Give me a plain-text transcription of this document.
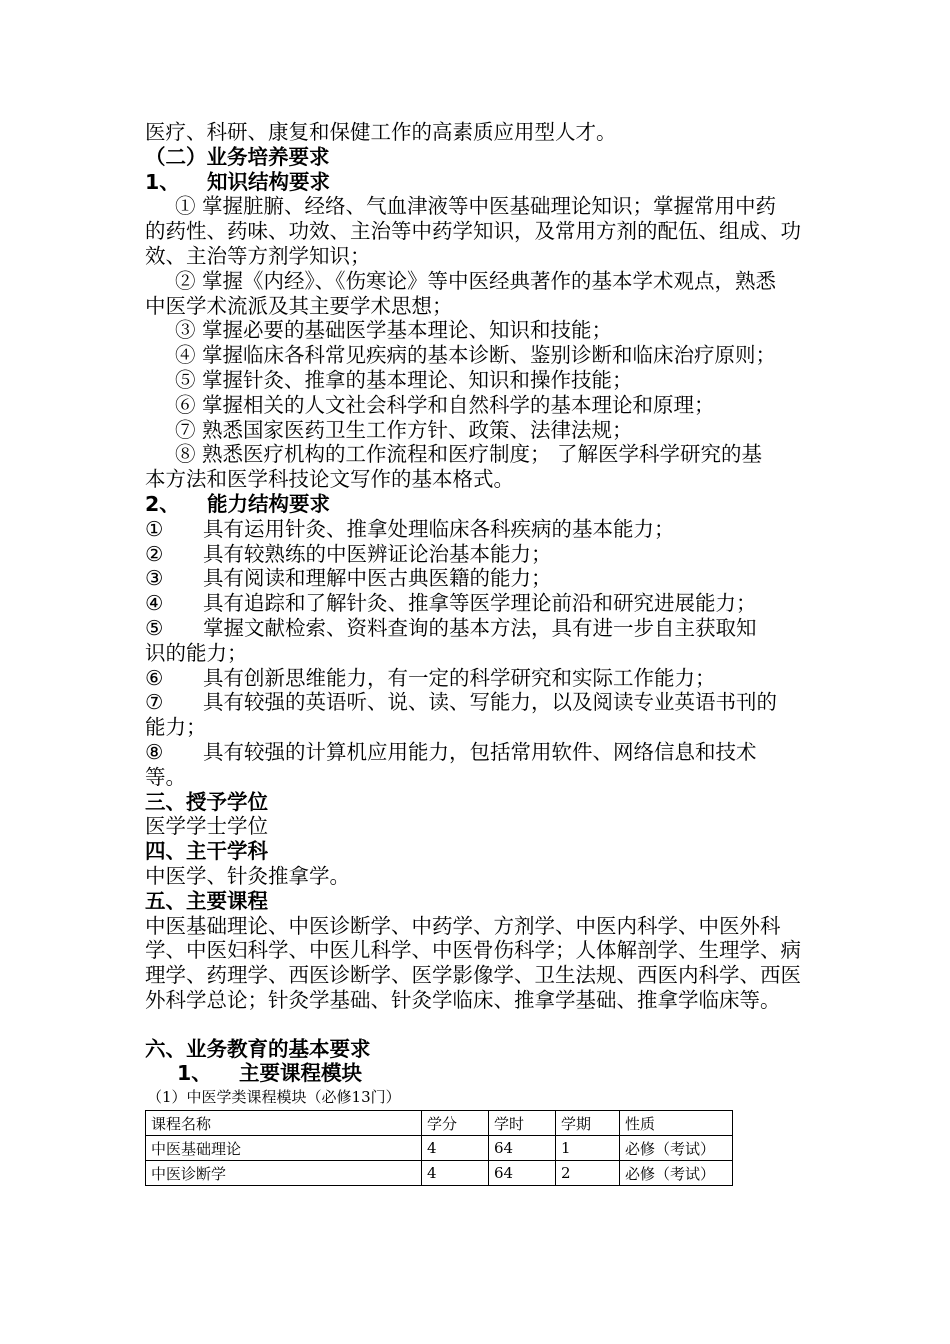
医疗、科研、康复和保健工作的高素质应用型人才。
（二）业务培养要求
1、 知识结构要求
① 掌握脏腑、经络、气血津液等中医基础理论知识；掌握常用中药
的药性、药味、功效、主治等中药学知识，及常用方剂的配伍、组成、功
效、主治等方剂学知识；
② 掌握《内经》、《伤寒论》等中医经典著作的基本学术观点，熟悉
中医学术流派及其主要学术思想；
③ 掌握必要的基础医学基本理论、知识和技能；
④ 掌握临床各科常见疾病的基本诊断、鉴别诊断和临床治疗原则；
⑤ 掌握针灸、推拿的基本理论、知识和操作技能；
⑥ 掌握相关的人文社会科学和自然科学的基本理论和原理；
⑦ 熟悉国家医药卫生工作方针、政策、法律法规；
⑧ 熟悉医疗机构的工作流程和医疗制度； 了解医学科学研究的基
本方法和医学科技论文写作的基本格式。
2、 能力结构要求
① 具有运用针灸、推拿处理临床各科疾病的基本能力；
② 具有较熟练的中医辨证论治基本能力；
③ 具有阅读和理解中医古典医籍的能力；
④ 具有追踪和了解针灸、推拿等医学理论前沿和研究进展能力；
⑤ 掌握文献检索、资料查询的基本方法，具有进一步自主获取知
识的能力；
⑥ 具有创新思维能力，有一定的科学研究和实际工作能力；
⑦ 具有较强的英语听、说、读、写能力，以及阅读专业英语书刊的
能力；
⑧ 具有较强的计算机应用能力，包括常用软件、网络信息和技术
等。
三、授予学位
医学学士学位
四、主干学科
中医学、针灸推拿学。
五、主要课程
中医基础理论、中医诊断学、中药学、方剂学、中医内科学、中医外科
学、中医妇科学、中医儿科学、中医骨伤科学；人体解剖学、生理学、病
理学、药理学、西医诊断学、医学影像学、卫生法规、西医内科学、西医
外科学总论；针灸学基础、针灸学临床、推拿学基础、推拿学临床等。
六、业务教育的基本要求
1、 主要课程模块
（1）中医学类课程模块（必修13门）
课程名称	学分	学时	学期	性质
中医基础理论	4	64	1	必修（考试）
中医诊断学	4	64	2	必修（考试）
